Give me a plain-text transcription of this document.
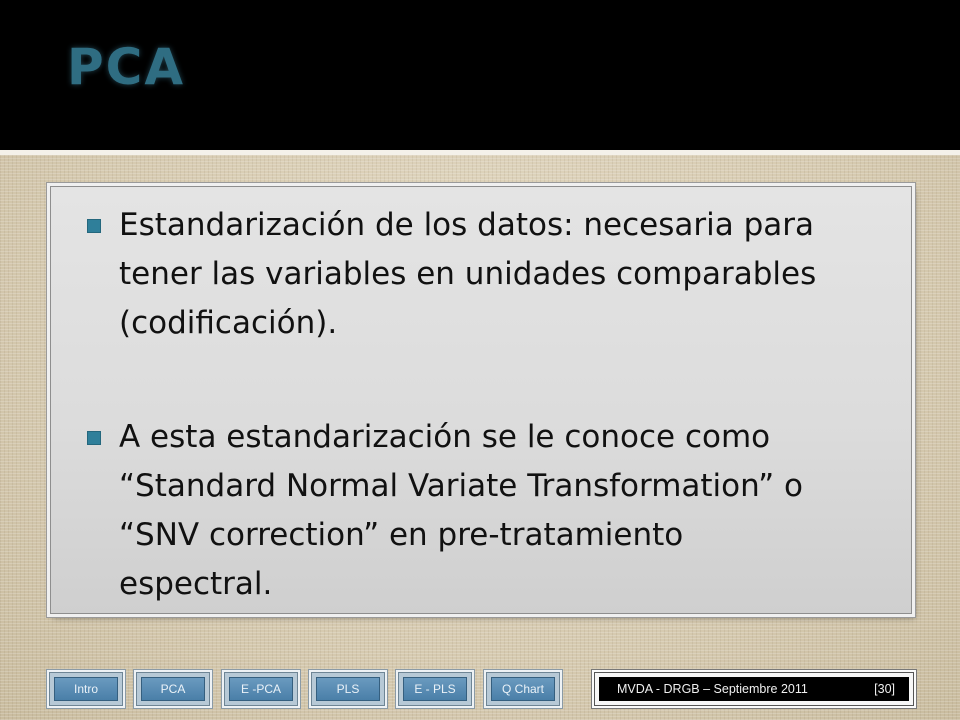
PCA
Estandarización de los datos: necesaria para
tener las variables en unidades comparables
(codificación).
A esta estandarización se le conoce como
“Standard Normal Variate Transformation” o
“SNV correction” en pre-tratamiento
espectral.
Intro	PCA	E -PCA	PLS	E - PLS	Q Chart	MVDA - DRGB – Septiembre 2011	[30]
